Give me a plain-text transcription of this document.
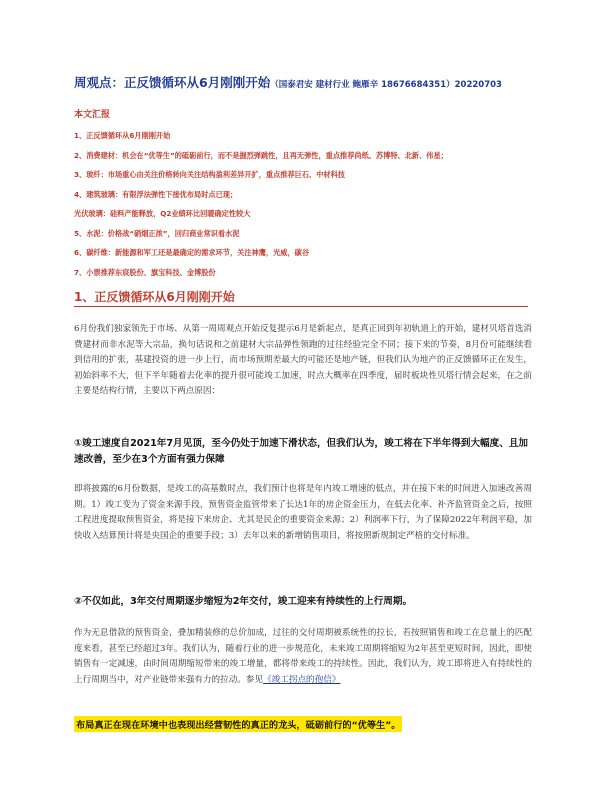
周观点：正反馈循环从6月刚刚开始（国泰君安 建材行业 鲍雁辛 18676684351）20220703
本文汇报
1、正反馈循环从6月刚刚开始
2、消费建材：机会在“优等生”的砥砺前行，而不是掘烈弹跳性，且再无弹性，重点推荐尚纸、苏博特、北新、伟星；
3、玻纤：市场重心由关注价格转向关注结构盈利差异开扩，重点推荐巨石、中材科技
4、建筑玻璃：有限浮法弹性下接优布局时点已现；
光伏玻璃：硅料产能释放，Q2业绩环比回暖确定性较大
5、水泥：价格战“硝烟正浓”，回归商业常识看水泥
6、碳纤维：新能源和军工还是最确定的需求环节，关注神鹰，光威，碳谷
7、小票推荐东宸股份、旗宝科技、金博股份
1、正反馈循环从6月刚刚开始

6月份我们独家领先于市场、从第一周周观点开始反复提示6月是新起点，是真正回到年初轨道上的开始，建材贝塔首选消费建材而非水泥等大宗品，换句话说和之前建材大宗品弹性领跑的过往经验完全不同；接下来的节奏，8月份可能继续看到信用的扩张，基建投资的进一步上行，而市场预期差最大的可能还是地产链，但我们认为地产的正反馈循环正在发生，初始斜率不大，但下半年随着去化率的提升很可能竣工加速，时点大概率在四季度，届时板块性贝塔行情会起来，在之前主要是结构行情，主要以下两点原因：

①竣工速度自2021年7月见顶，至今仍处于加速下滑状态，但我们认为，竣工将在下半年得到大幅度、且加速改善，至少在3个方面有强力保障

即将披露的6月份数据，是竣工的高基数时点，我们预计也将是年内竣工增速的低点，并在接下来的时间进入加速改善周期。1）竣工变为了资金来源手段，预售资金监管带来了长达1年的房企资金压力，在低去化率、补齐监管资金之后，按照工程进度提取预售资金，将是接下来房企、尤其是民企的重要资金来源；2）利润率下行，为了保障2022年利润平稳，加快收入结算预计将是央国企的重要手段；3）去年以来的新增销售项目，将按照新规制定严格的交付标准。

②不仅如此，3年交付周期逐步缩短为2年交付，竣工迎来有持续性的上行周期。

作为无息借款的预售资金，叠加精装修的总价加成，过往的交付周期被系统性的拉长，若按照销售和竣工在总量上的匹配度来看，甚至已经超过3年。我们认为，随着行业的进一步规范化，未来竣工周期将缩短为2年甚至更短时间，因此，即使销售有一定减速，由时间周期缩短带来的竣工增量，都将带来竣工的持续性。因此，我们认为，竣工即将进入有持续性的上行周期当中，对产业链带来强有力的拉动。参见《竣工拐点的孢信》

布局真正在现在环境中也表现出经营韧性的真正的龙头，砥砺前行的“优等生”。
